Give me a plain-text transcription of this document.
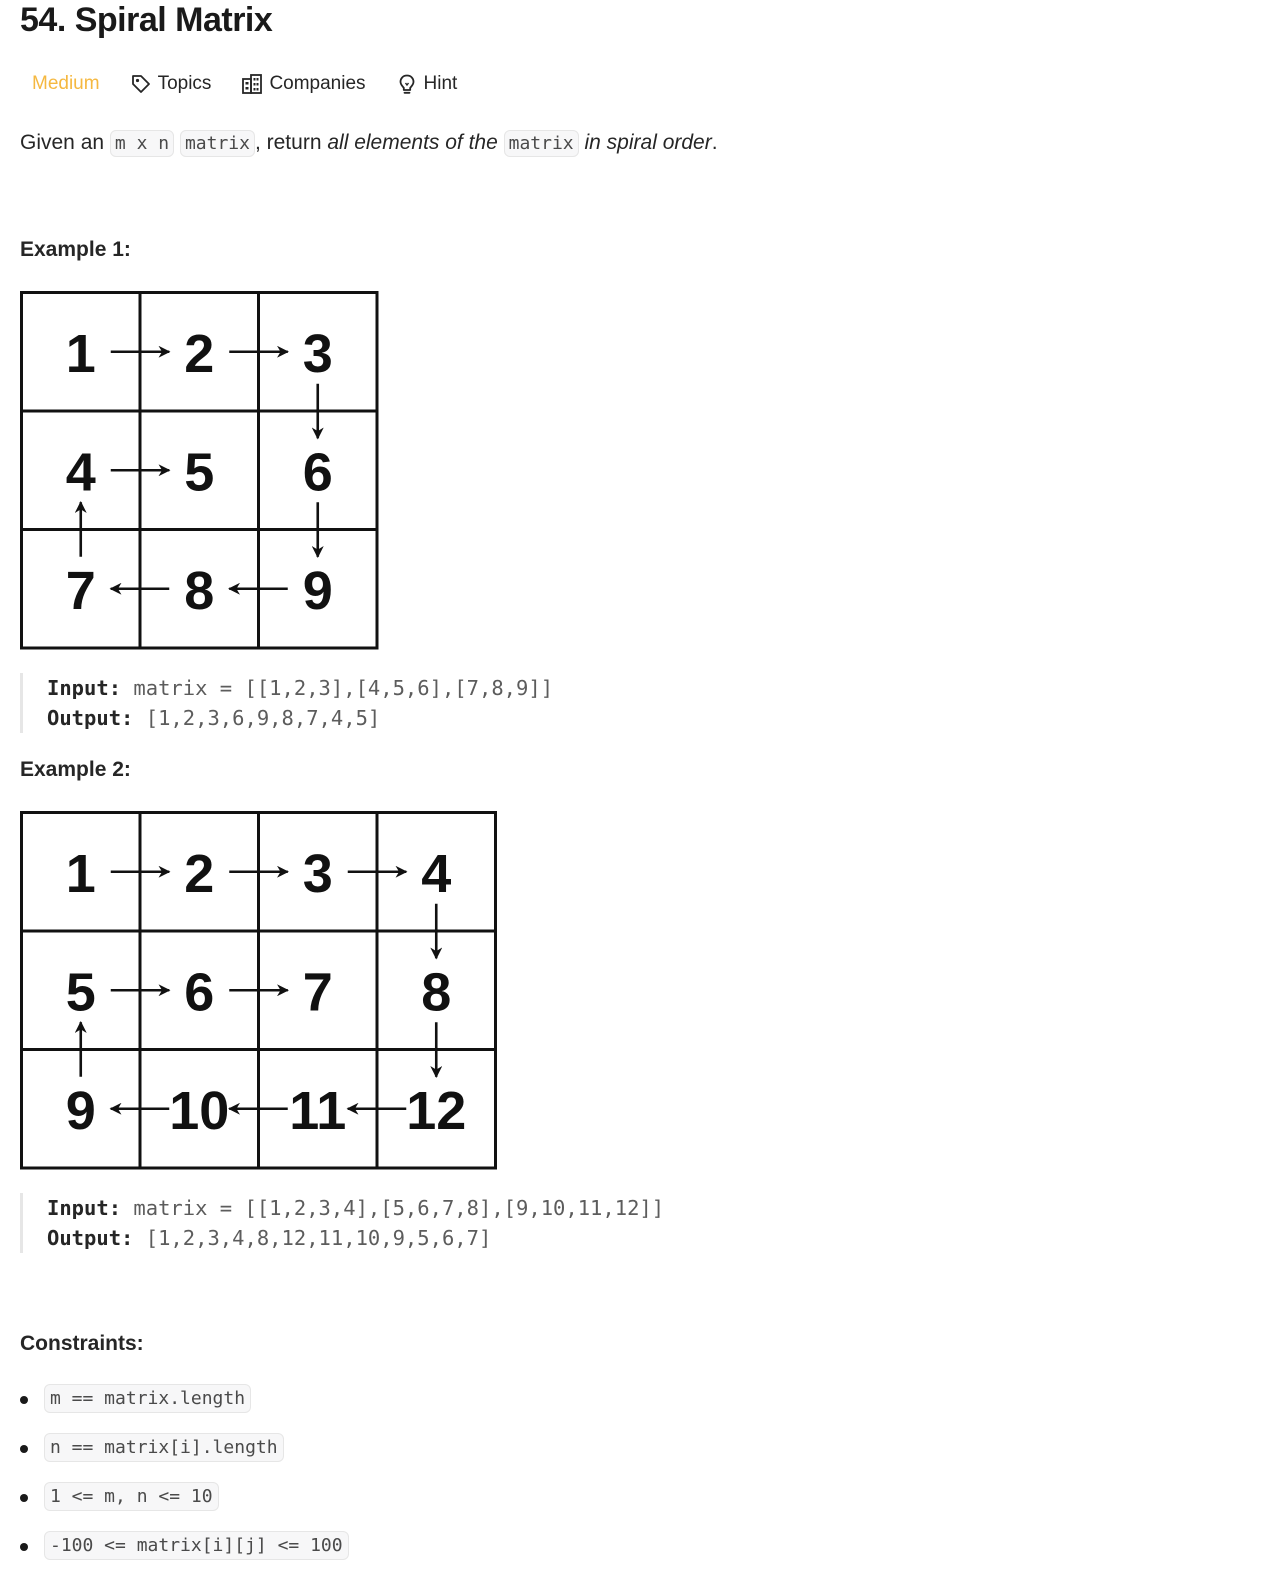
54. Spiral Matrix
Medium	Topics	Companies	Hint
Given an m x n matrix , return all elements of the matrix in spiral order.
Example 1:
1 2 3
4 5 6
7 8 9
Input: matrix = [[1,2,3],[4,5,6],[7,8,9]]
Output: [1,2,3,6,9,8,7,4,5]
Example 2:
1 2 3 4
5 6 7 8
9 10 11 12
Input: matrix = [[1,2,3,4],[5,6,7,8],[9,10,11,12]]
Output: [1,2,3,4,8,12,11,10,9,5,6,7]
Constraints:
m == matrix.length
n == matrix[i].length
1 <= m, n <= 10
-100 <= matrix[i][j] <= 100
